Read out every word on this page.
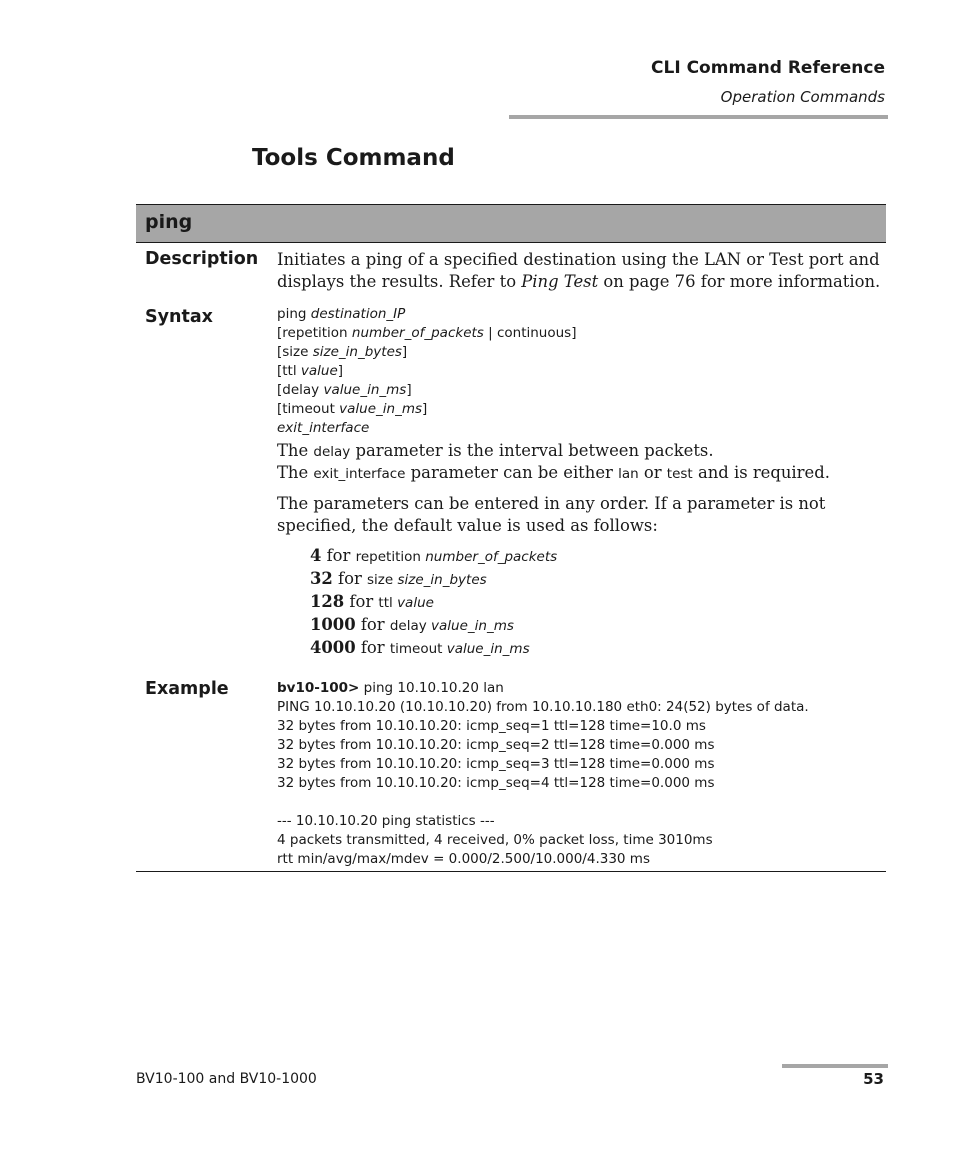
CLI Command Reference
Operation Commands
Tools Command
ping
Description Initiates a ping of a specified destination using the LAN or Test port and displays the results. Refer to Ping Test on page 76 for more information.
Syntax	ping destination_IP
[repetition number_of_packets | continuous]
[size size_in_bytes]
[ttl value]
[delay value_in_ms]
[timeout value_in_ms]
exit_interface
The delay parameter is the interval between packets.
The exit_interface parameter can be either lan or test and is required.
The parameters can be entered in any order. If a parameter is not specified, the default value is used as follows:
4 for repetition number_of_packets
32 for size size_in_bytes
128 for ttl value
1000 for delay value_in_ms
4000 for timeout value_in_ms
Example	bv10-100> ping 10.10.10.20 lan
PING 10.10.10.20 (10.10.10.20) from 10.10.10.180 eth0: 24(52) bytes of data.
32 bytes from 10.10.10.20: icmp_seq=1 ttl=128 time=10.0 ms
32 bytes from 10.10.10.20: icmp_seq=2 ttl=128 time=0.000 ms
32 bytes from 10.10.10.20: icmp_seq=3 ttl=128 time=0.000 ms
32 bytes from 10.10.10.20: icmp_seq=4 ttl=128 time=0.000 ms
--- 10.10.10.20 ping statistics ---
4 packets transmitted, 4 received, 0% packet loss, time 3010ms
rtt min/avg/max/mdev = 0.000/2.500/10.000/4.330 ms
BV10-100 and BV10-1000	53
